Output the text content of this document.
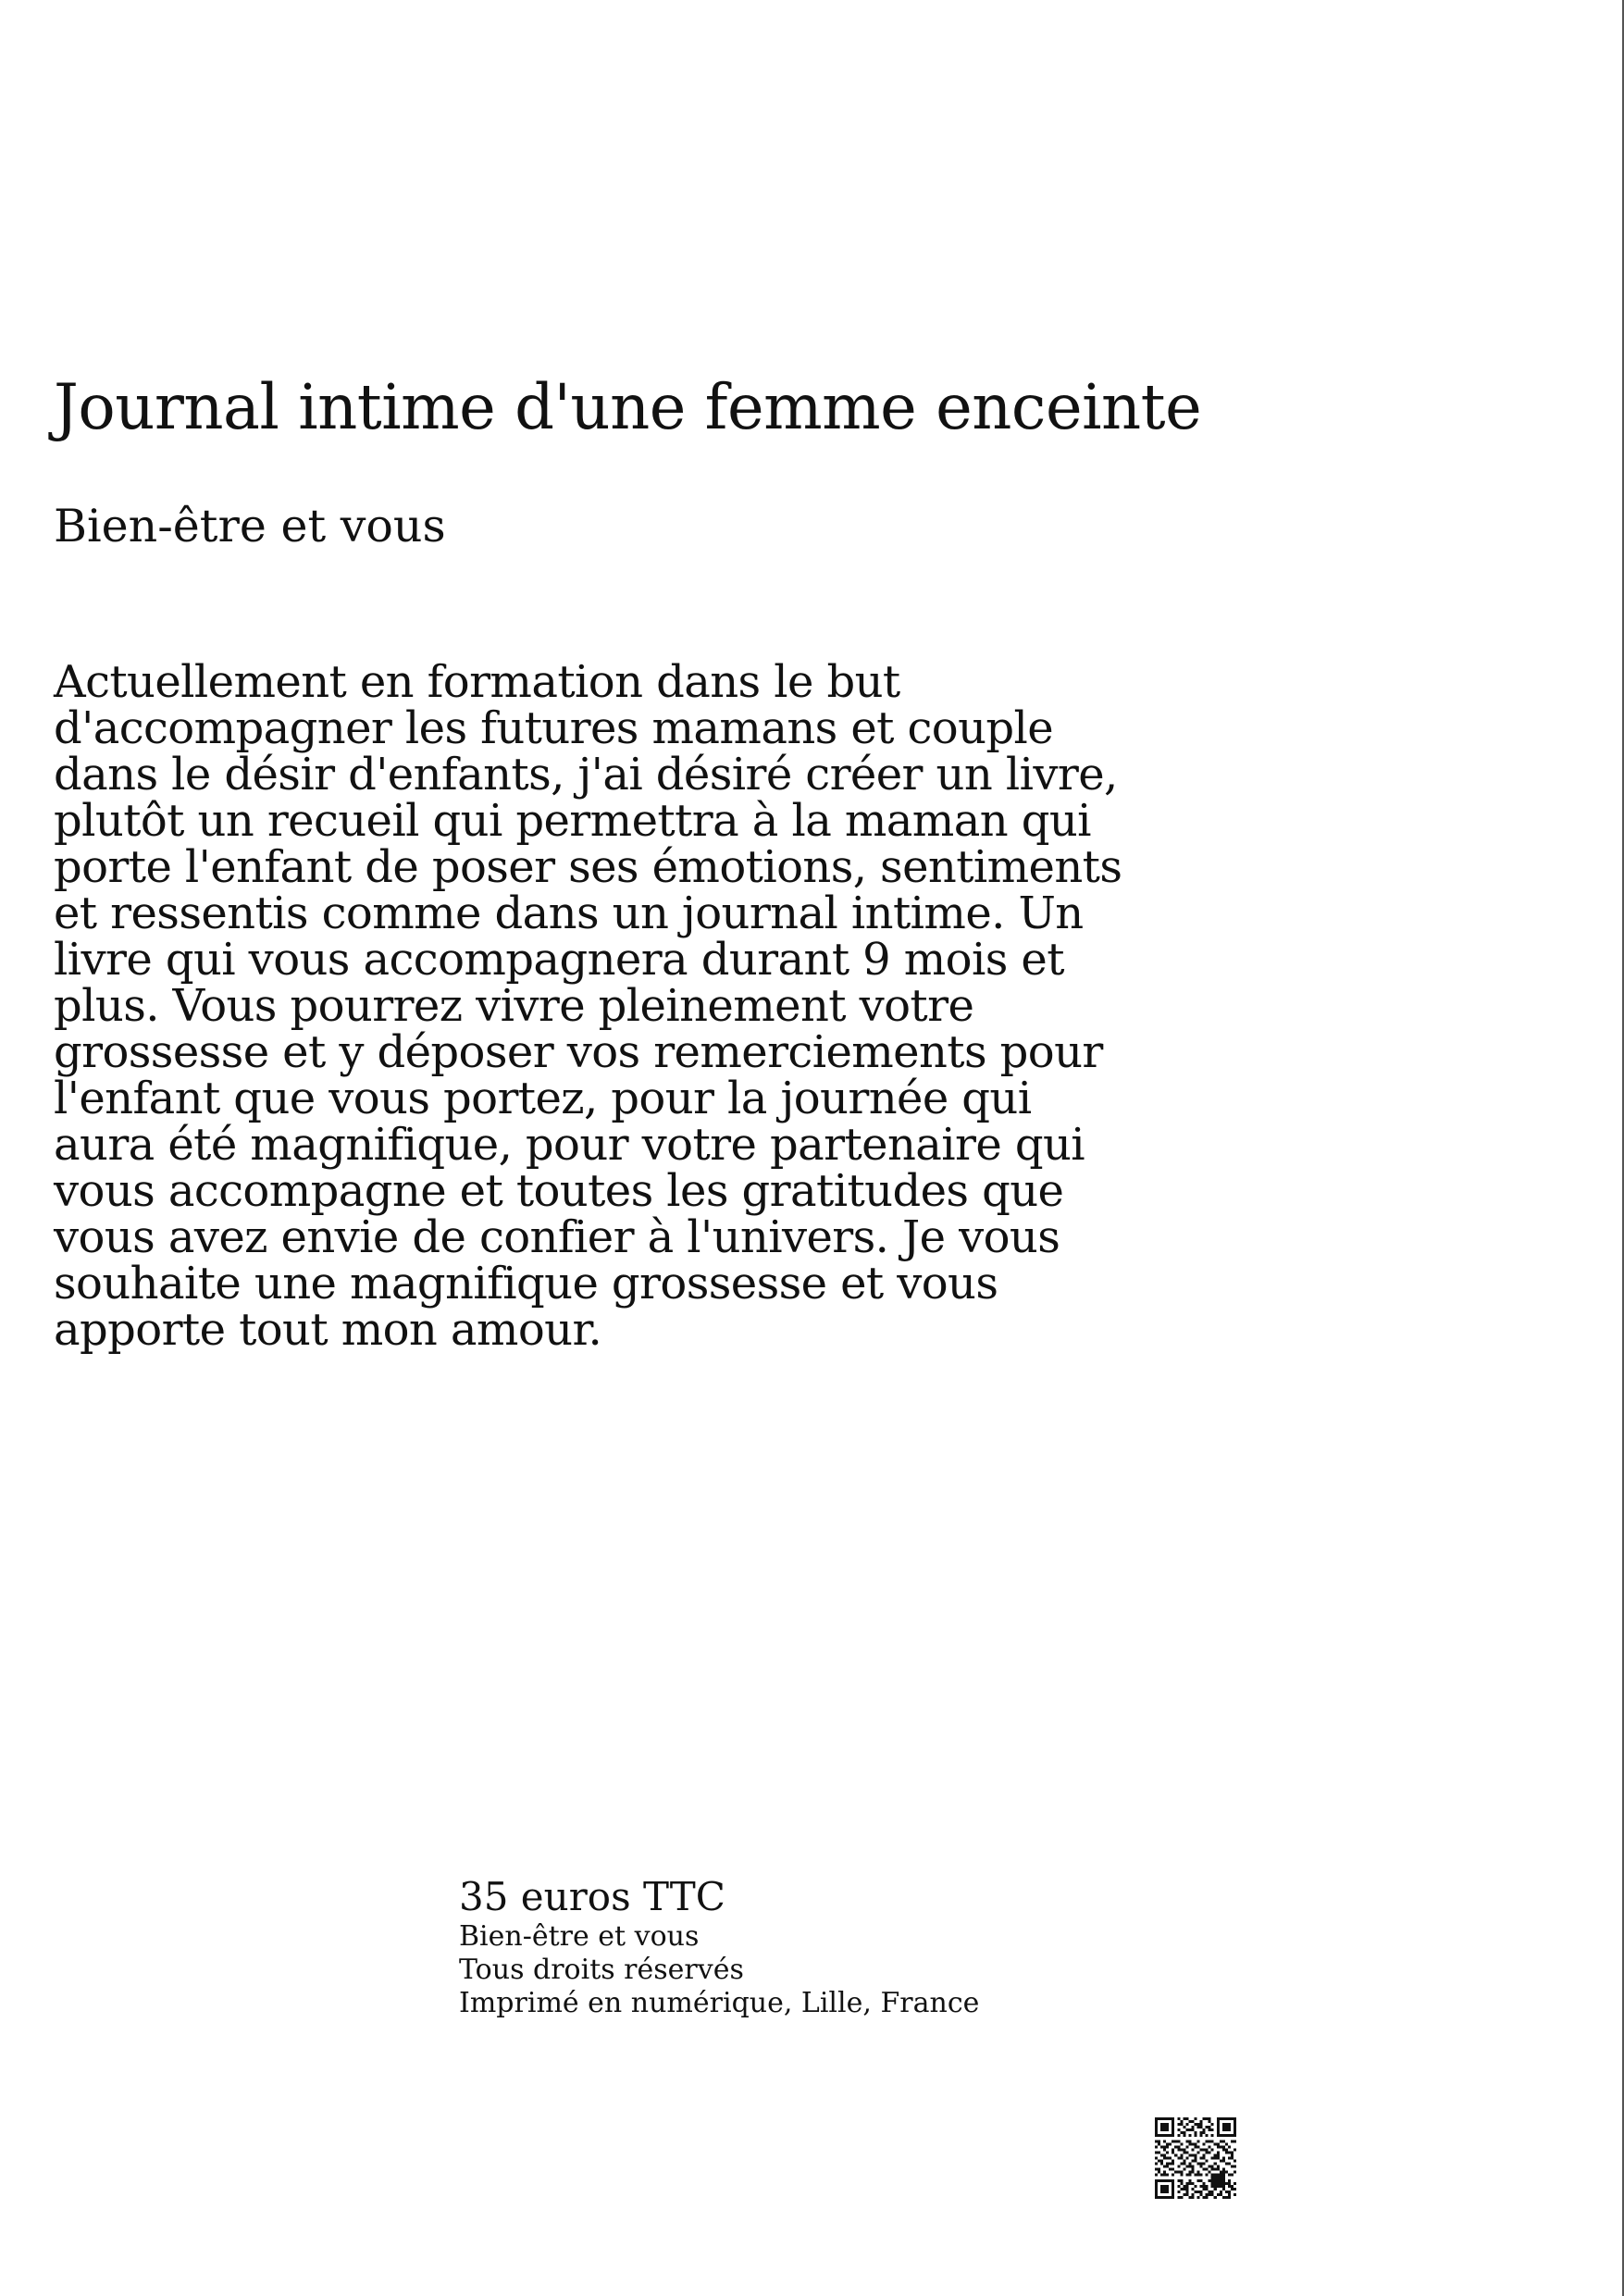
Journal intime d'une femme enceinte

Bien-être et vous

Actuellement en formation dans le but
d'accompagner les futures mamans et couple
dans le désir d'enfants, j'ai désiré créer un livre,
plutôt un recueil qui permettra à la maman qui
porte l'enfant de poser ses émotions, sentiments
et ressentis comme dans un journal intime. Un
livre qui vous accompagnera durant 9 mois et
plus. Vous pourrez vivre pleinement votre
grossesse et y déposer vos remerciements pour
l'enfant que vous portez, pour la journée qui
aura été magnifique, pour votre partenaire qui
vous accompagne et toutes les gratitudes que
vous avez envie de confier à l'univers. Je vous
souhaite une magnifique grossesse et vous
apporte tout mon amour.
35 euros TTC
Bien-être et vous
Tous droits réservés
Imprimé en numérique, Lille, France
